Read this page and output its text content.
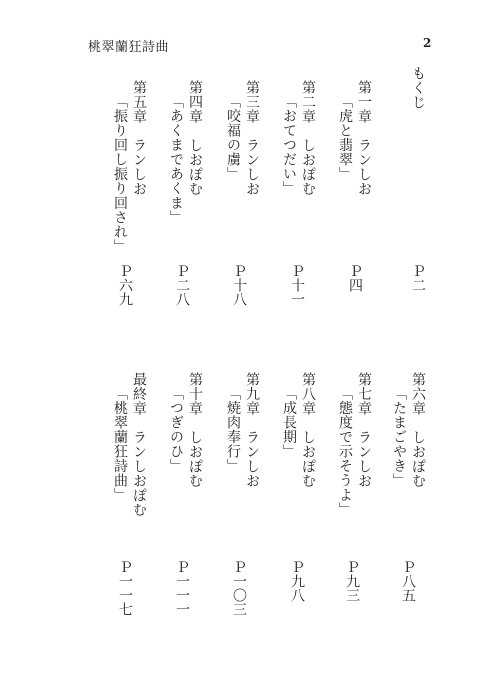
桃翠蘭狂詩曲	2
もくじ
Ｐ二
第一章　ランしお
「虎と翡翠」
Ｐ四
第二章　しおぽむ
「おてつだい」
Ｐ十一
第三章　ランしお
「咬福の虜」
Ｐ十八
第四章　しおぽむ
「あくまであくま」
Ｐ二八
第五章　ランしお
「振り回し振り回され」
Ｐ六九
第六章　しおぽむ
「たまごやき」
Ｐ八五
第七章　ランしお
「態度で示そうよ」
Ｐ九三
第八章　しおぽむ
「成長期」
Ｐ九八
第九章　ランしお
「焼肉奉行」
Ｐ一〇三
第十章　しおぽむ
「つぎのひ」
Ｐ一一一
最終章　ランしおぽむ
「桃翠蘭狂詩曲」
Ｐ一一七
